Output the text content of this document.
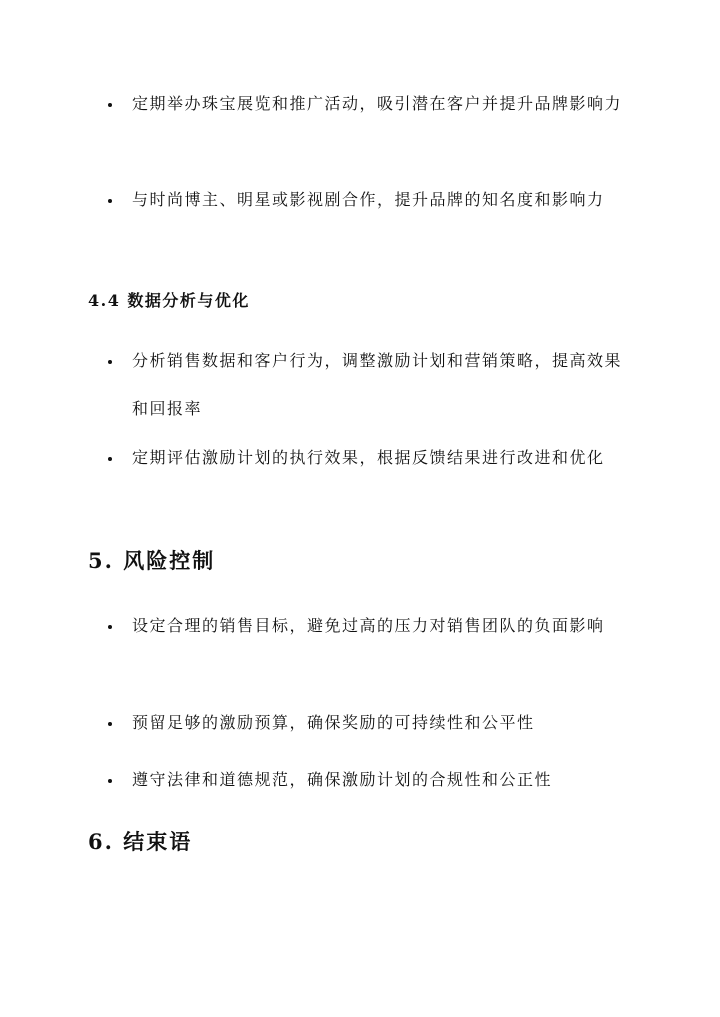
定期举办珠宝展览和推广活动，吸引潜在客户并提升品牌影响力
与时尚博主、明星或影视剧合作，提升品牌的知名度和影响力
4.4 数据分析与优化
分析销售数据和客户行为，调整激励计划和营销策略，提高效果和回报率
定期评估激励计划的执行效果，根据反馈结果进行改进和优化
5. 风险控制
设定合理的销售目标，避免过高的压力对销售团队的负面影响
预留足够的激励预算，确保奖励的可持续性和公平性
遵守法律和道德规范，确保激励计划的合规性和公正性
6. 结束语
